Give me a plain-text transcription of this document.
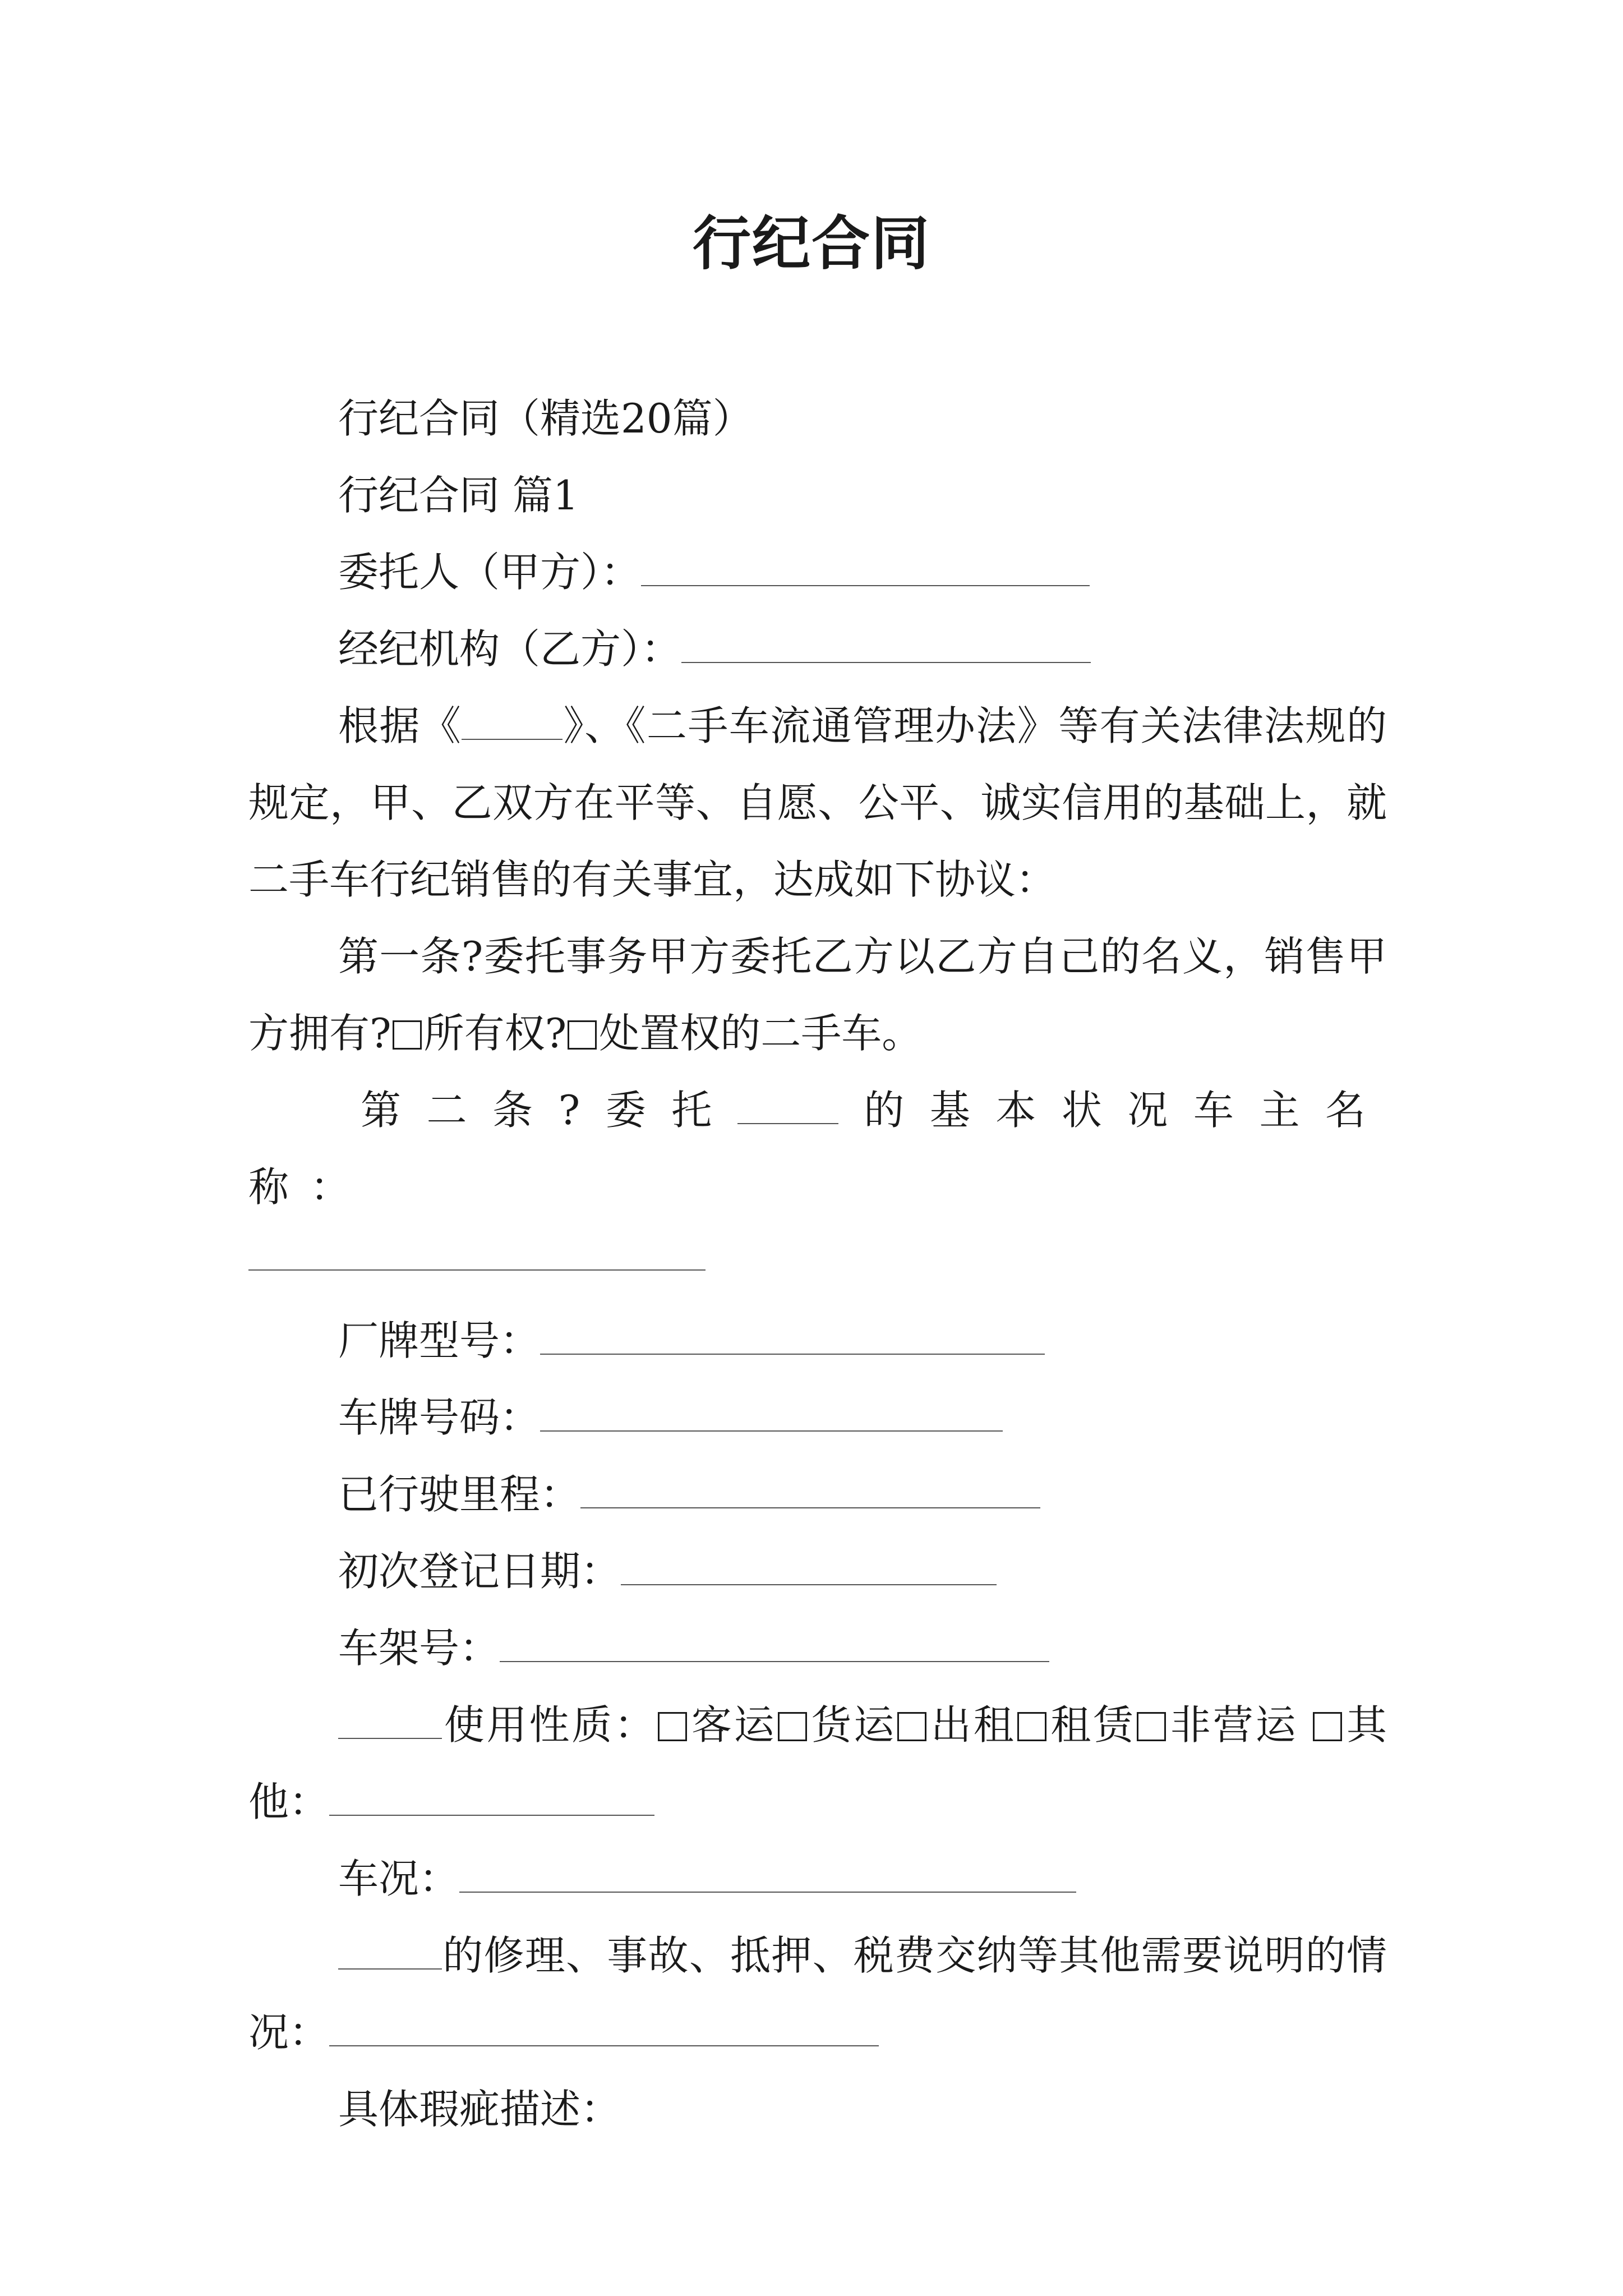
行纪合同

行纪合同（精选20篇）

行纪合同 篇1

委托人（甲方）：

经纪机构（乙方）：

根据《	》、《二手车流通管理办法》等有关法律法规的规定，甲、乙双方在平等、自愿、公平、诚实信用的基础上，就二手车行纪销售的有关事宜，达成如下协议：

第一条?委托事务甲方委托乙方以乙方自己的名义，销售甲方拥有? 所有权? 处置权的二手车。

第二条?委托	的基本状况车主名称：

厂牌型号：

车牌号码：

已行驶里程：

初次登记日期：

车架号：

使用性质： 客运 货运 出租 租赁 非营运 其他：

车况：

的修理、事故、抵押、税费交纳等其他需要说明的情况：

具体瑕疵描述：
